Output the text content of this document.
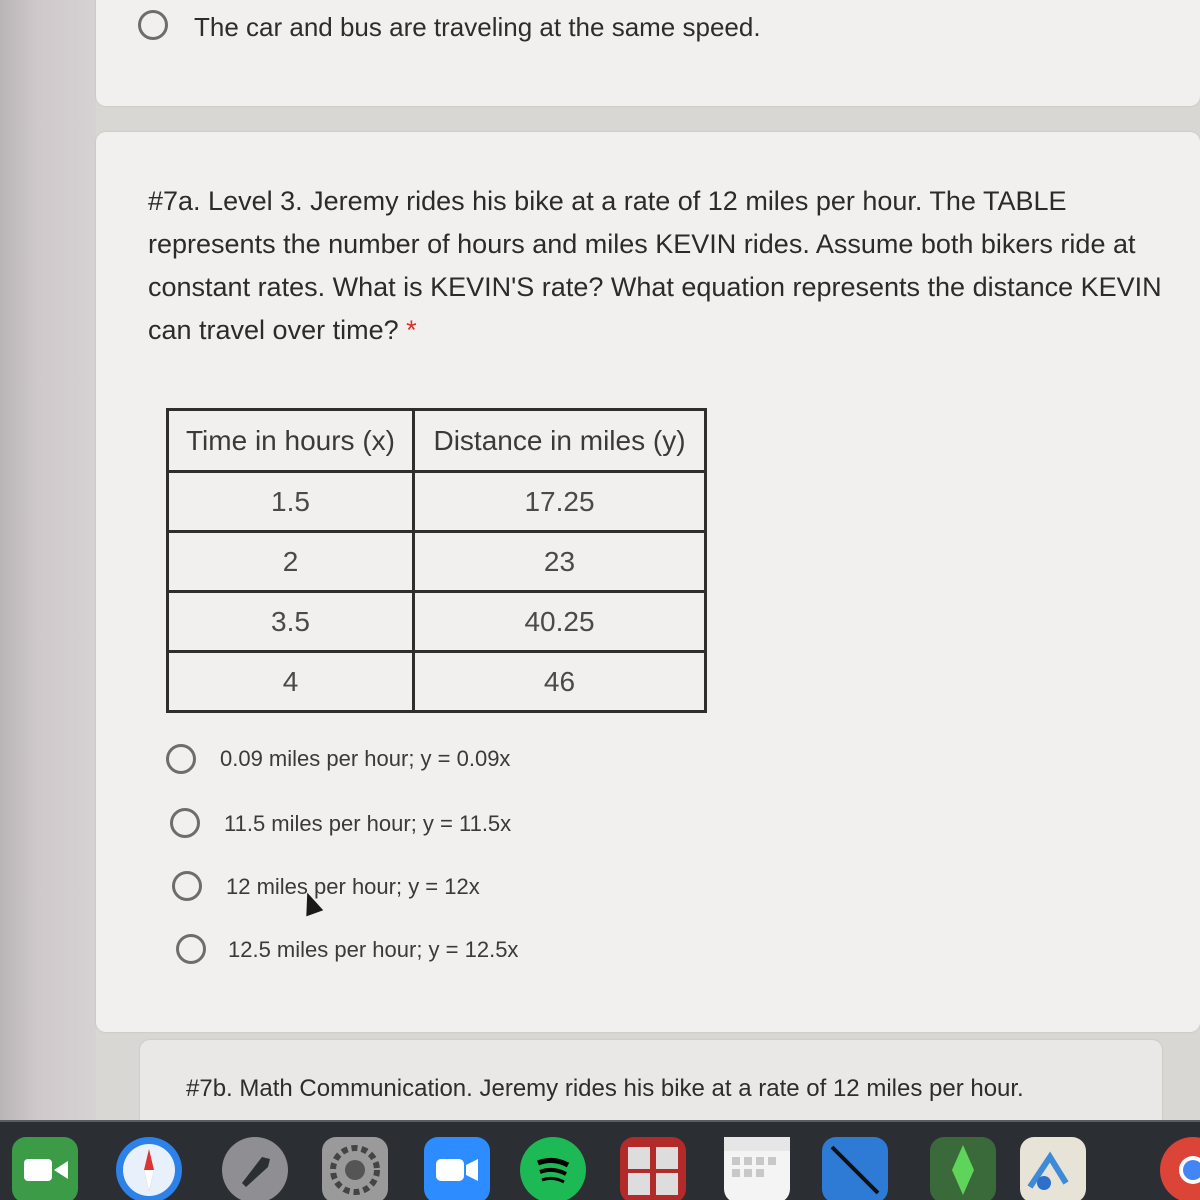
The car and bus are traveling at the same speed.
#7a. Level 3. Jeremy rides his bike at a rate of 12 miles per hour. The TABLE represents the number of hours and miles KEVIN rides. Assume both bikers ride at constant rates. What is KEVIN'S rate? What equation represents the distance KEVIN can travel over time? *
Time in hours (x)	Distance in miles (y)
1.5	17.25
2	23
3.5	40.25
4	46
0.09 miles per hour; y = 0.09x
11.5 miles per hour; y = 11.5x
12 miles per hour; y = 12x
12.5 miles per hour; y = 12.5x
#7b. Math Communication. Jeremy rides his bike at a rate of 12 miles per hour.
